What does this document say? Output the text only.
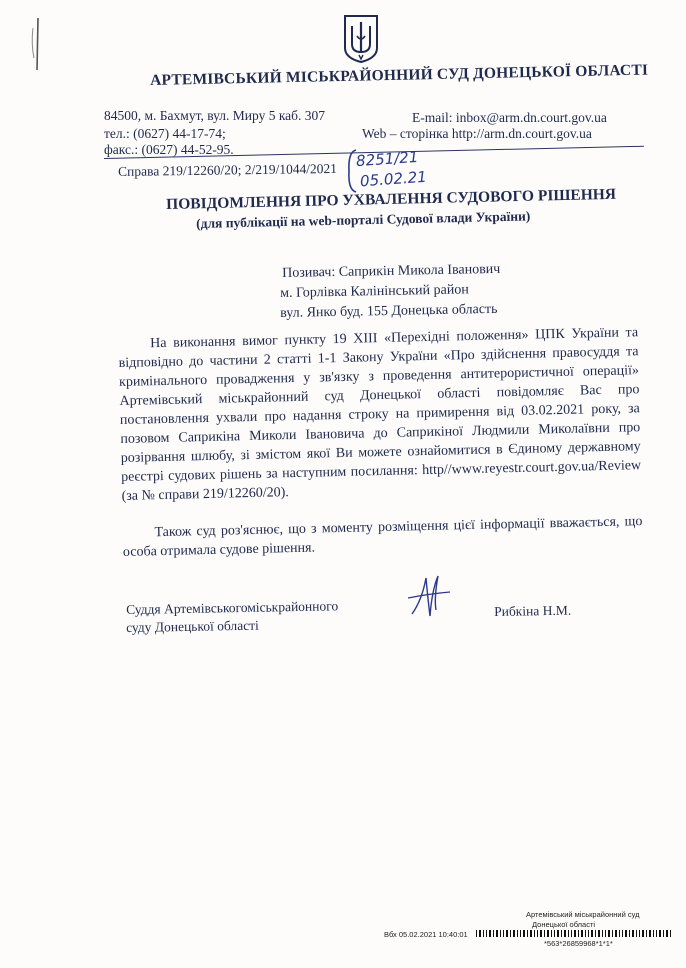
АРТЕМІВСЬКИЙ МІСЬКРАЙОННИЙ СУД ДОНЕЦЬКОЇ ОБЛАСТІ
84500, м. Бахмут, вул. Миру 5 каб. 307
тел.: (0627) 44-17-74;
факс.: (0627) 44-52-95.
E-mail: inbox@arm.dn.court.gov.ua
Web – сторінка http://arm.dn.court.gov.ua
Справа 219/12260/20; 2/219/1044/2021 8251/21
05.02.21
ПОВІДОМЛЕННЯ ПРО УХВАЛЕННЯ СУДОВОГО РІШЕННЯ
(для публікації на web-порталі Судової влади України)
Позивач: Саприкін Микола Іванович
м. Горлівка Калінінський район
вул. Янко буд. 155 Донецька область

На виконання вимог пункту 19 XIII «Перехідні положення» ЦПК України та відповідно до частини 2 статті 1-1 Закону України «Про здійснення правосуддя та кримінального провадження у зв'язку з проведення антитерористичної операції» Артемівський міськрайонний суд Донецької області повідомляє Вас про постановлення ухвали про надання строку на примирення від 03.02.2021 року, за позовом Саприкіна Миколи Івановича до Саприкіної Людмили Миколаївни про розірвання шлюбу, зі змістом якої Ви можете ознайомитися в Єдиному державному реєстрі судових рішень за наступним посилання: http//www.reyestr.court.gov.ua/Review (за № справи 219/12260/20).

Також суд роз'яснює, що з моменту розміщення цієї інформації вважається, що особа отримала судове рішення.

Суддя Артемівськогоміськрайонного
суду Донецької області
Рибкіна Н.М.
Артемівський міськрайонний суд
Донецької області
Вбх 05.02.2021 10:40:01
*563*26859968*1*1*
